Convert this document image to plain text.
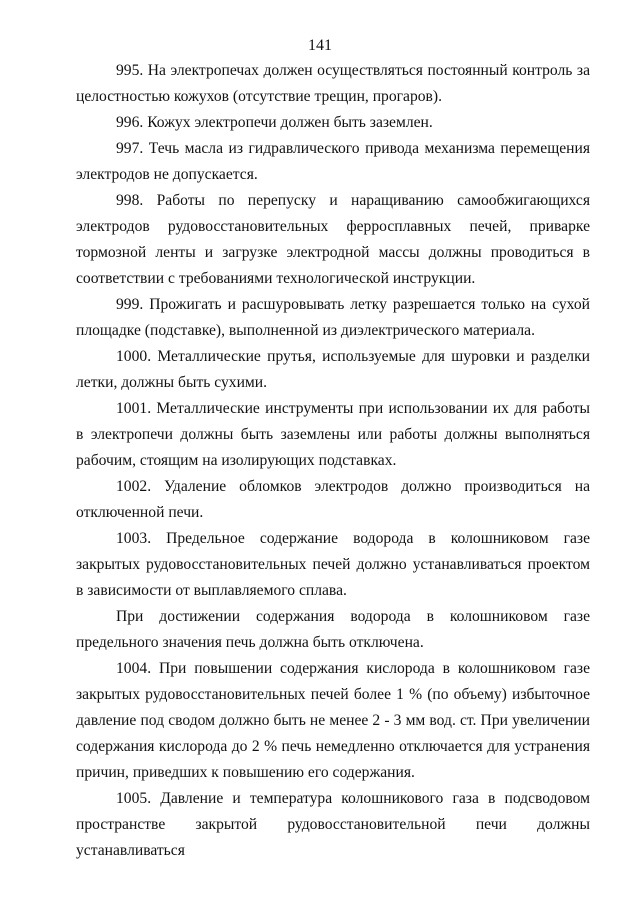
141

995. На электропечах должен осуществляться постоянный контроль за целостностью кожухов (отсутствие трещин, прогаров).

996. Кожух электропечи должен быть заземлен.

997. Течь масла из гидравлического привода механизма перемещения электродов не допускается.

998. Работы по перепуску и наращиванию самообжигающихся электродов рудовосстановительных ферросплавных печей, приварке тормозной ленты и загрузке электродной массы должны проводиться в соответствии с требованиями технологической инструкции.

999. Прожигать и расшуровывать летку разрешается только на сухой площадке (подставке), выполненной из диэлектрического материала.

1000. Металлические прутья, используемые для шуровки и разделки летки, должны быть сухими.

1001. Металлические инструменты при использовании их для работы в электропечи должны быть заземлены или работы должны выполняться рабочим, стоящим на изолирующих подставках.

1002. Удаление обломков электродов должно производиться на отключенной печи.

1003. Предельное содержание водорода в колошниковом газе закрытых рудовосстановительных печей должно устанавливаться проектом в зависимости от выплавляемого сплава.

При достижении содержания водорода в колошниковом газе предельного значения печь должна быть отключена.

1004. При повышении содержания кислорода в колошниковом газе закрытых рудовосстановительных печей более 1 % (по объему) избыточное давление под сводом должно быть не менее 2 - 3 мм вод. ст. При увеличении содержания кислорода до 2 % печь немедленно отключается для устранения причин, приведших к повышению его содержания.

1005. Давление и температура колошникового газа в подсводовом пространстве закрытой рудовосстановительной печи должны устанавливаться
